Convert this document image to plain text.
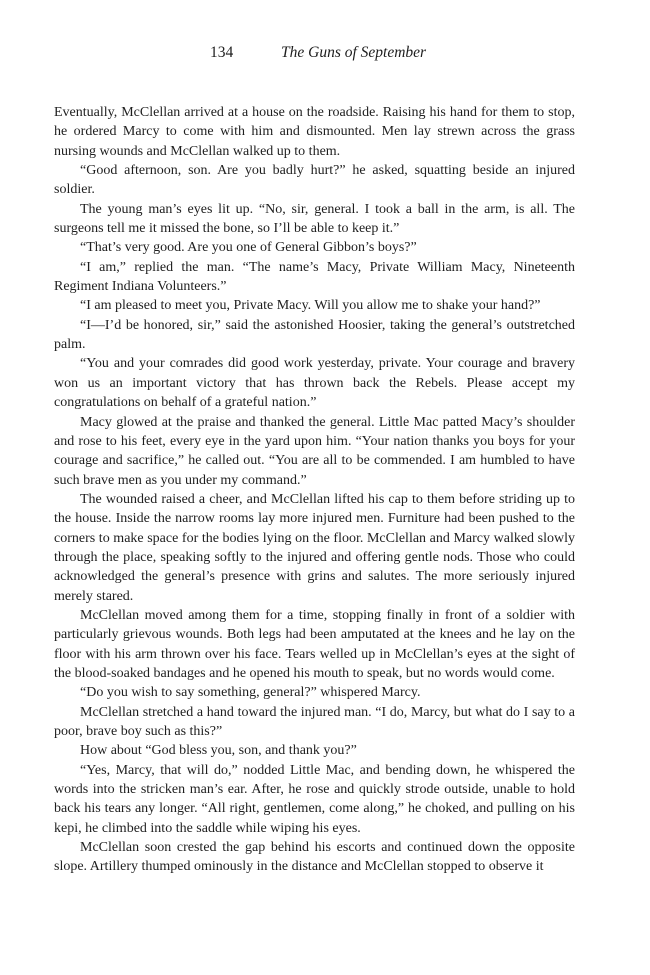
134	The Guns of September

Eventually, McClellan arrived at a house on the roadside. Raising his hand for them to stop, he ordered Marcy to come with him and dismounted. Men lay strewn across the grass nursing wounds and McClellan walked up to them.

“Good afternoon, son. Are you badly hurt?” he asked, squatting beside an injured soldier.

The young man’s eyes lit up. “No, sir, general. I took a ball in the arm, is all. The surgeons tell me it missed the bone, so I’ll be able to keep it.”

“That’s very good. Are you one of General Gibbon’s boys?”

“I am,” replied the man. “The name’s Macy, Private William Macy, Nineteenth Regiment Indiana Volunteers.”

“I am pleased to meet you, Private Macy. Will you allow me to shake your hand?”

“I—I’d be honored, sir,” said the astonished Hoosier, taking the general’s outstretched palm.

“You and your comrades did good work yesterday, private. Your courage and bravery won us an important victory that has thrown back the Rebels. Please accept my congratulations on behalf of a grateful nation.”

Macy glowed at the praise and thanked the general. Little Mac patted Macy’s shoulder and rose to his feet, every eye in the yard upon him. “Your nation thanks you boys for your courage and sacrifice,” he called out. “You are all to be commended. I am humbled to have such brave men as you under my command.”

The wounded raised a cheer, and McClellan lifted his cap to them before striding up to the house. Inside the narrow rooms lay more injured men. Furniture had been pushed to the corners to make space for the bodies lying on the floor. McClellan and Marcy walked slowly through the place, speaking softly to the injured and offering gentle nods. Those who could acknowledged the general’s presence with grins and salutes. The more seriously injured merely stared.

McClellan moved among them for a time, stopping finally in front of a soldier with particularly grievous wounds. Both legs had been amputated at the knees and he lay on the floor with his arm thrown over his face. Tears welled up in McClellan’s eyes at the sight of the blood-soaked bandages and he opened his mouth to speak, but no words would come.

“Do you wish to say something, general?” whispered Marcy.

McClellan stretched a hand toward the injured man. “I do, Marcy, but what do I say to a poor, brave boy such as this?”

How about “God bless you, son, and thank you?”

“Yes, Marcy, that will do,” nodded Little Mac, and bending down, he whispered the words into the stricken man’s ear. After, he rose and quickly strode outside, unable to hold back his tears any longer. “All right, gentlemen, come along,” he choked, and pulling on his kepi, he climbed into the saddle while wiping his eyes.

McClellan soon crested the gap behind his escorts and continued down the opposite slope. Artillery thumped ominously in the distance and McClellan stopped to observe it
